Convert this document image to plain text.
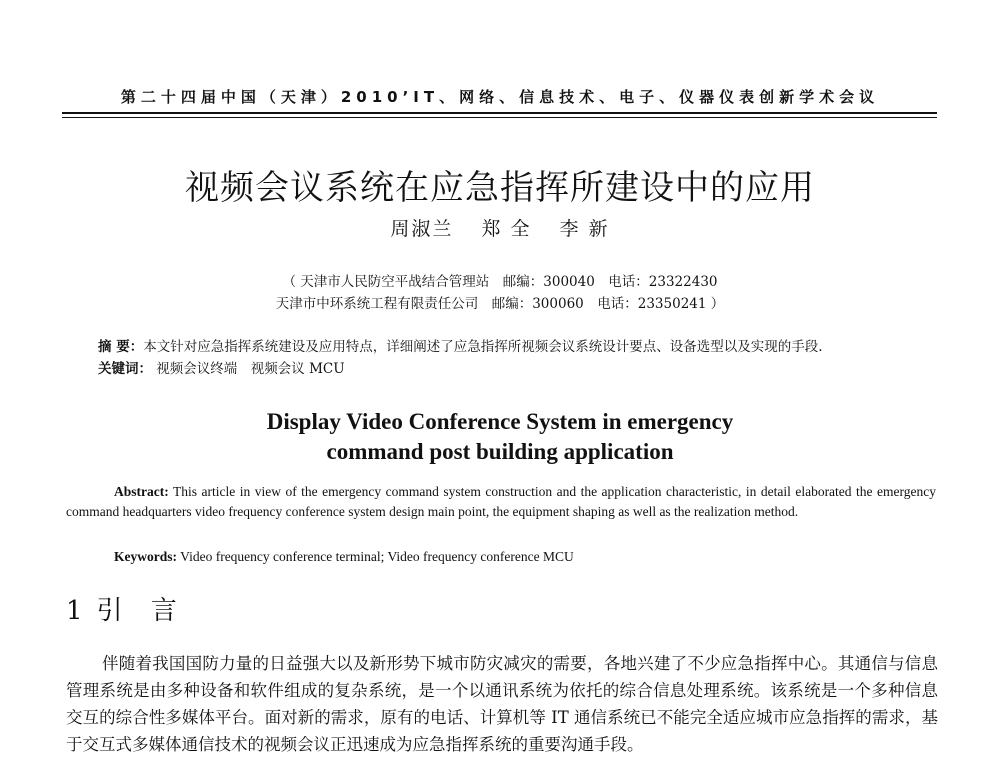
第二十四届中国（天津）2010’IT、网络、信息技术、电子、仪器仪表创新学术会议
视频会议系统在应急指挥所建设中的应用
周淑兰 郑 全 李 新
（ 天津市人民防空平战结合管理站　邮编：300040　电话：23322430
天津市中环系统工程有限责任公司　邮编：300060　电话：23350241 ）
摘 要：本文针对应急指挥系统建设及应用特点，详细阐述了应急指挥所视频会议系统设计要点、设备选型以及实现的手段.
关键词： 视频会议终端　视频会议 MCU
Display Video Conference System in emergency
command post building application
Abstract: This article in view of the emergency command system construction and the application characteristic, in detail elaborated the emergency command headquarters video frequency conference system design main point, the equipment shaping as well as the realization method.
Keywords: Video frequency conference terminal; Video frequency conference MCU
1 引 言
伴随着我国国防力量的日益强大以及新形势下城市防灾减灾的需要，各地兴建了不少应急指挥中心。其通信与信息管理系统是由多种设备和软件组成的复杂系统，是一个以通讯系统为依托的综合信息处理系统。该系统是一个多种信息交互的综合性多媒体平台。面对新的需求，原有的电话、计算机等 IT 通信系统已不能完全适应城市应急指挥的需求，基于交互式多媒体通信技术的视频会议正迅速成为应急指挥系统的重要沟通手段。
